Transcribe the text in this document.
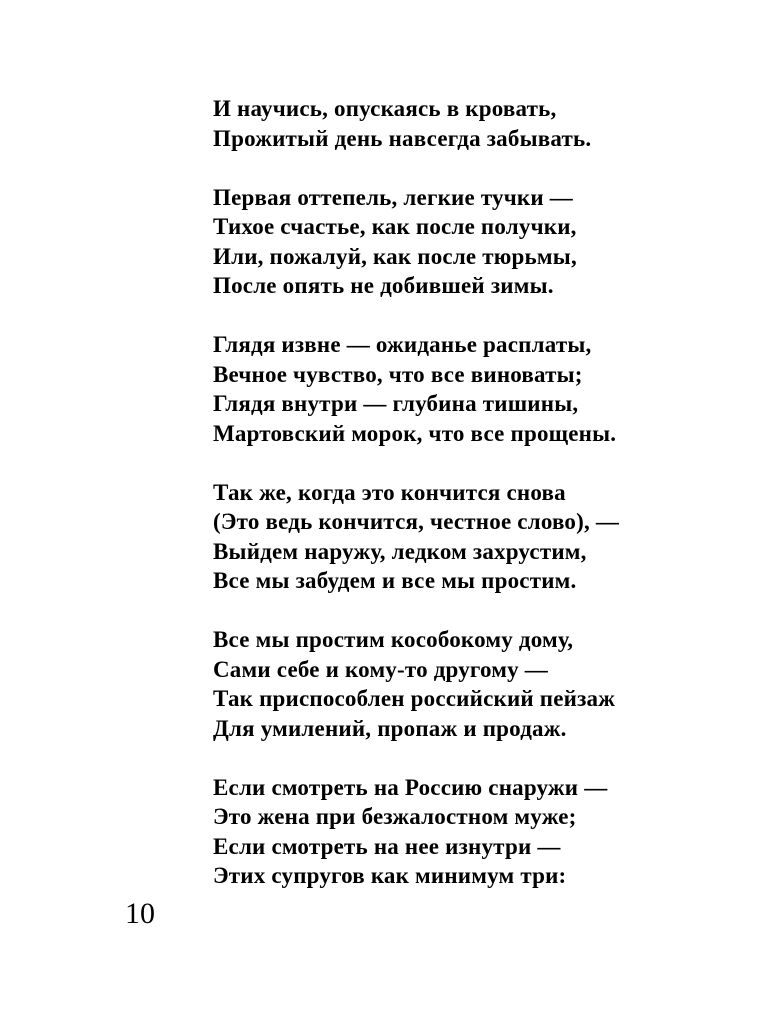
И научись, опускаясь в кровать,
Прожитый день навсегда забывать.
Первая оттепель, легкие тучки —
Тихое счастье, как после получки,
Или, пожалуй, как после тюрьмы,
После опять не добившей зимы.
Глядя извне — ожиданье расплаты,
Вечное чувство, что все виноваты;
Глядя внутри — глубина тишины,
Мартовский морок, что все прощены.
Так же, когда это кончится снова
(Это ведь кончится, честное слово), —
Выйдем наружу, ледком захрустим,
Все мы забудем и все мы простим.
Все мы простим кособокому дому,
Сами себе и кому-то другому —
Так приспособлен российский пейзаж
Для умилений, пропаж и продаж.
Если смотреть на Россию снаружи —
Это жена при безжалостном муже;
Если смотреть на нее изнутри —
Этих супругов как минимум три:
10
